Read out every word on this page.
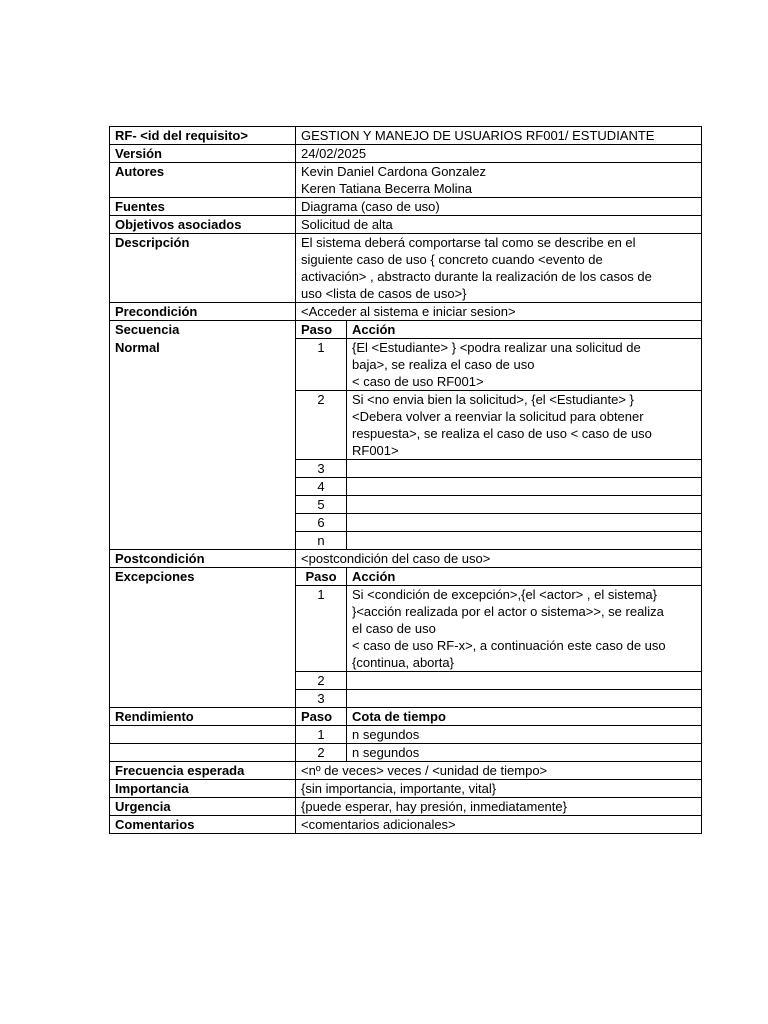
RF- <id del requisito>	GESTION Y MANEJO DE USUARIOS RF001/ ESTUDIANTE	
Versión	24/02/2025	
Autores	Kevin Daniel Cardona Gonzalez
Keren Tatiana Becerra Molina	

Fuentes	Diagrama (caso de uso)	
Objetivos asociados	Solicitud de alta	
Descripción	El sistema deberá comportarse tal como se describe en el
siguiente caso de uso { concreto cuando <evento de
activación> , abstracto durante la realización de los casos de
uso <lista de casos de uso>}	

Precondición	<Acceder al sistema e iniciar sesion>	
Secuencia	Paso	Acción
Normal	1	{El <Estudiante> } <podra realizar una solicitud de
baja>, se realiza el caso de uso
< caso de uso RF001>

	2	Si <no envia bien la solicitud>, {el <Estudiante> }
<Debera volver a reenviar la solicitud para obtener
respuesta>, se realiza el caso de uso < caso de uso
RF001>

	3	
	4	
	5	
	6	
	n	
Postcondición	<postcondición del caso de uso>	
Excepciones	Paso	Acción
	1	Si <condición de excepción>,{el <actor> , el sistema}
}<acción realizada por el actor o sistema>>, se realiza
el caso de uso
< caso de uso RF-x>, a continuación este caso de uso
{continua, aborta}

	2	
	3	
Rendimiento	Paso	Cota de tiempo
	1	n segundos
	2	n segundos
Frecuencia esperada	<nº de veces> veces / <unidad de tiempo>	
Importancia	{sin importancia, importante, vital}	
Urgencia	{puede esperar, hay presión, inmediatamente}	
Comentarios	<comentarios adicionales>	
